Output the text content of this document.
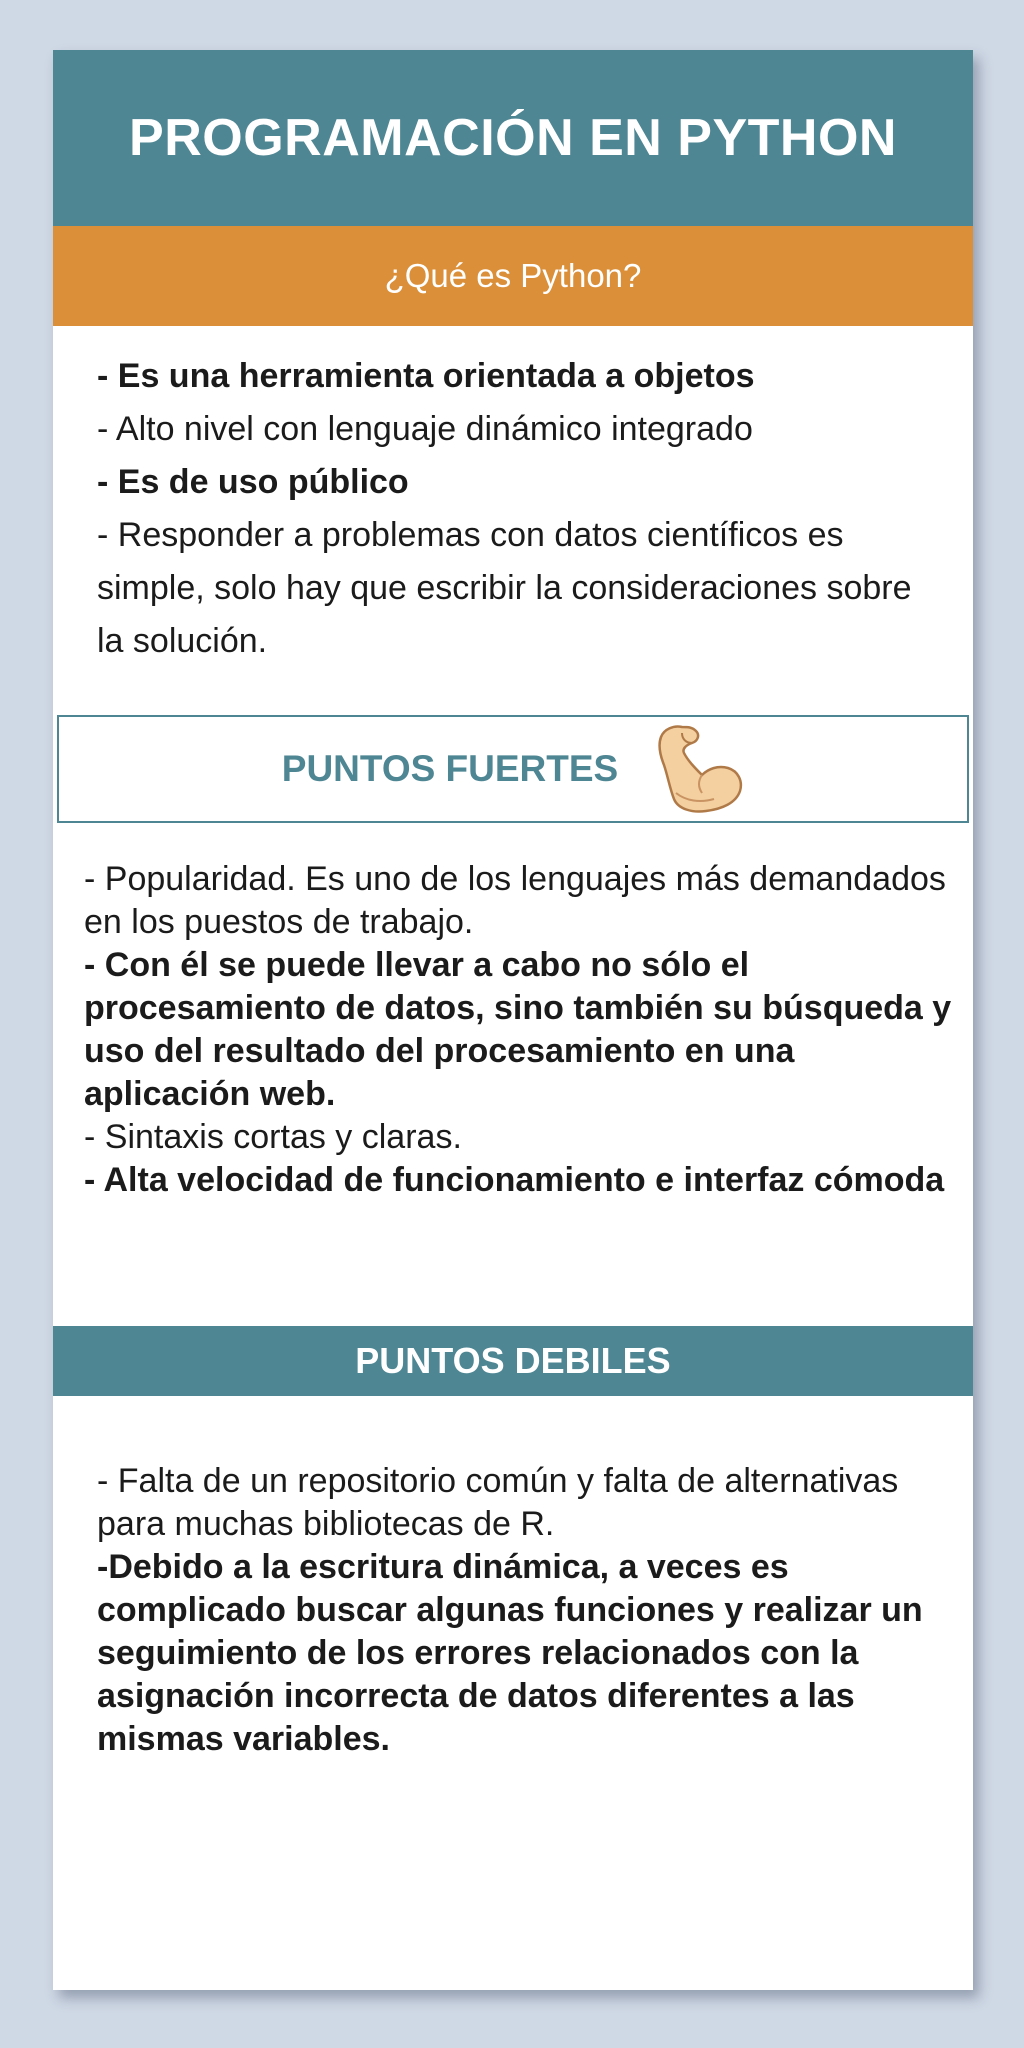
PROGRAMACIÓN EN PYTHON
¿Qué es Python?
- Es una herramienta orientada a objetos
- Alto nivel con lenguaje dinámico integrado
- Es de uso público
- Responder a problemas con datos científicos es simple, solo hay que escribir la consideraciones sobre la solución.
PUNTOS FUERTES
- Popularidad. Es uno de los lenguajes más demandados en los puestos de trabajo.
- Con él se puede llevar a cabo no sólo el procesamiento de datos, sino también su búsqueda y uso del resultado del procesamiento en una aplicación web.
- Sintaxis cortas y claras.
- Alta velocidad de funcionamiento e interfaz cómoda
PUNTOS DEBILES
- Falta de un repositorio común y falta de alternativas para muchas bibliotecas de R.
-Debido a la escritura dinámica, a veces es complicado buscar algunas funciones y realizar un seguimiento de los errores relacionados con la asignación incorrecta de datos diferentes a las mismas variables.
